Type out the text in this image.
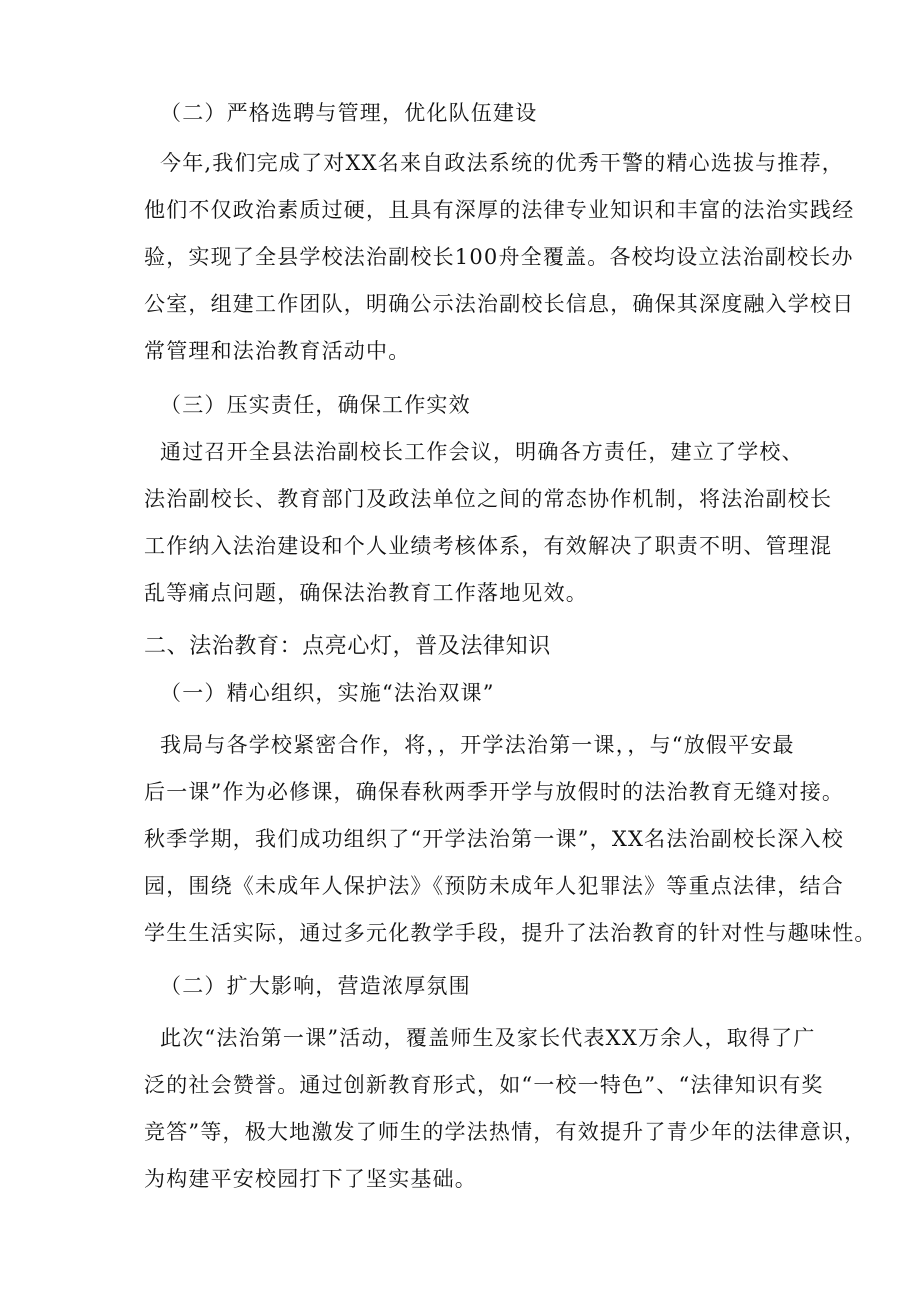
（二）严格选聘与管理，优化队伍建设
今年,我们完成了对XX名来自政法系统的优秀干警的精心选拔与推荐，
他们不仅政治素质过硬，且具有深厚的法律专业知识和丰富的法治实践经
验，实现了全县学校法治副校长100舟全覆盖。各校均设立法治副校长办
公室，组建工作团队，明确公示法治副校长信息，确保其深度融入学校日
常管理和法治教育活动中。
（三）压实责任，确保工作实效
通过召开全县法治副校长工作会议，明确各方责任，建立了学校、
法治副校长、教育部门及政法单位之间的常态协作机制，将法治副校长
工作纳入法治建设和个人业绩考核体系，有效解决了职责不明、管理混
乱等痛点问题，确保法治教育工作落地见效。
二、法治教育：点亮心灯，普及法律知识
（一）精心组织，实施“法治双课”
我局与各学校紧密合作，将，，开学法治第一课，，与“放假平安最
后一课”作为必修课，确保春秋两季开学与放假时的法治教育无缝对接。
秋季学期，我们成功组织了“开学法治第一课”，XX名法治副校长深入校
园，围绕《未成年人保护法》《预防未成年人犯罪法》等重点法律，结合
学生生活实际，通过多元化教学手段，提升了法治教育的针对性与趣味性。
（二）扩大影响，营造浓厚氛围
此次“法治第一课”活动，覆盖师生及家长代表XX万余人，取得了广
泛的社会赞誉。通过创新教育形式，如“一校一特色”、“法律知识有奖
竞答”等，极大地激发了师生的学法热情，有效提升了青少年的法律意识，
为构建平安校园打下了坚实基础。
